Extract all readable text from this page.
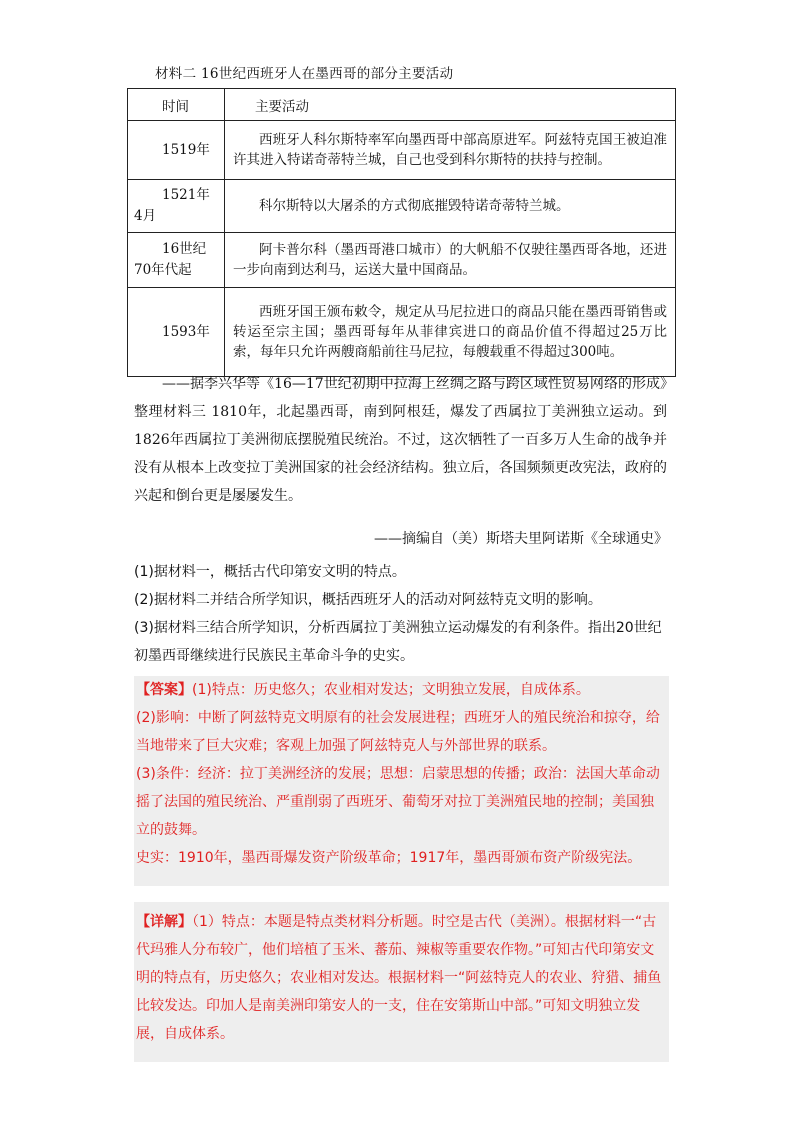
材料二 16世纪西班牙人在墨西哥的部分主要活动
时间	主要活动

1519年	西班牙人科尔斯特率军向墨西哥中部高原进军。阿兹特克国王被迫准许其进入特诺奇蒂特兰城，自己也受到科尔斯特的扶持与控制。

1521年
4月	科尔斯特以大屠杀的方式彻底摧毁特诺奇蒂特兰城。

16世纪
70年代起	阿卡普尔科（墨西哥港口城市）的大帆船不仅驶往墨西哥各地，还进一步向南到达利马，运送大量中国商品。

1593年	西班牙国王颁布敕令，规定从马尼拉进口的商品只能在墨西哥销售或转运至宗主国；墨西哥每年从菲律宾进口的商品价值不得超过25万比索，每年只允许两艘商船前往马尼拉，每艘载重不得超过300吨。
——据李兴华等《16—17世纪初期中拉海上丝绸之路与跨区域性贸易网络的形成》整理材料三 1810年，北起墨西哥，南到阿根廷，爆发了西属拉丁美洲独立运动。到1826年西属拉丁美洲彻底摆脱殖民统治。不过，这次牺牲了一百多万人生命的战争并没有从根本上改变拉丁美洲国家的社会经济结构。独立后，各国频频更改宪法，政府的兴起和倒台更是屡屡发生。
——摘编自（美）斯塔夫里阿诺斯《全球通史》
(1)据材料一，概括古代印第安文明的特点。
(2)据材料二并结合所学知识，概括西班牙人的活动对阿兹特克文明的影响。
(3)据材料三结合所学知识，分析西属拉丁美洲独立运动爆发的有利条件。指出20世纪初墨西哥继续进行民族民主革命斗争的史实。

【答案】(1)特点：历史悠久；农业相对发达；文明独立发展，自成体系。

(2)影响：中断了阿兹特克文明原有的社会发展进程；西班牙人的殖民统治和掠夺，给当地带来了巨大灾难；客观上加强了阿兹特克人与外部世界的联系。

(3)条件：经济：拉丁美洲经济的发展；思想：启蒙思想的传播；政治：法国大革命动摇了法国的殖民统治、严重削弱了西班牙、葡萄牙对拉丁美洲殖民地的控制；美国独立的鼓舞。

史实：1910年，墨西哥爆发资产阶级革命；1917年，墨西哥颁布资产阶级宪法。

【详解】（1）特点：本题是特点类材料分析题。时空是古代（美洲）。根据材料一“古代玛雅人分布较广，他们培植了玉米、蕃茄、辣椒等重要农作物。”可知古代印第安文明的特点有，历史悠久；农业相对发达。根据材料一“阿兹特克人的农业、狩猎、捕鱼比较发达。印加人是南美洲印第安人的一支，住在安第斯山中部。”可知文明独立发展，自成体系。
